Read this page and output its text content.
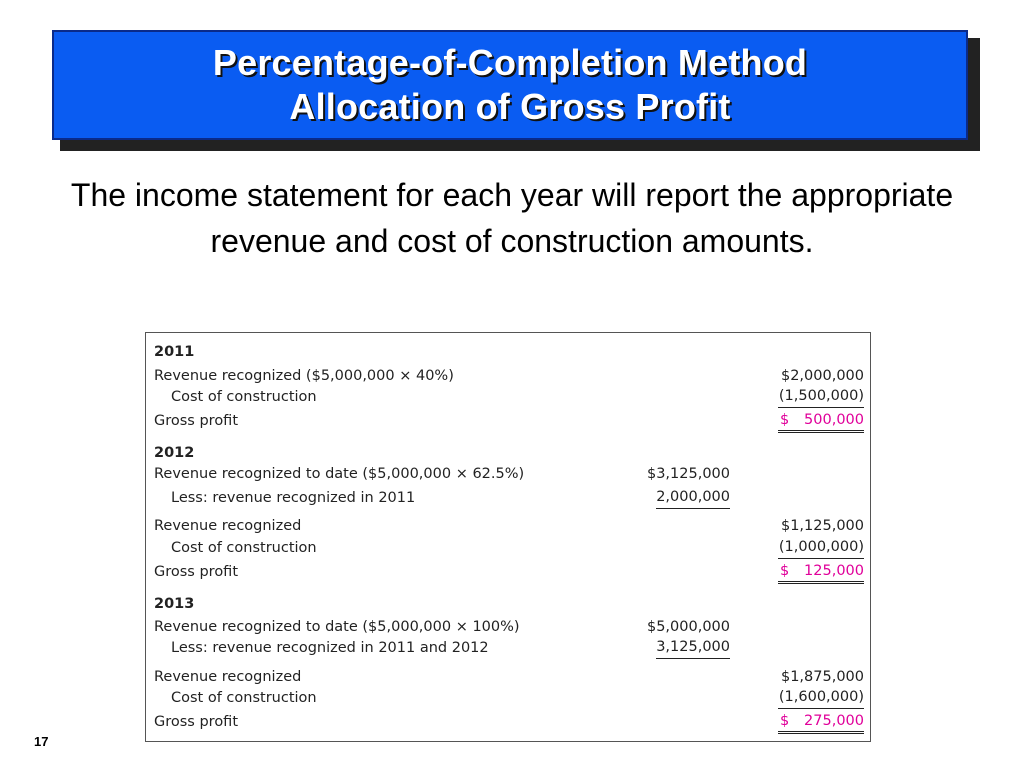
Percentage-of-Completion Method
Allocation of Gross Profit
The income statement for each year will report the appropriate revenue and cost of construction amounts.
2011
Revenue recognized ($5,000,000 × 40%)	$2,000,000
Cost of construction	(1,500,000)
Gross profit	$ 500,000
2012
Revenue recognized to date ($5,000,000 × 62.5%)	$3,125,000
Less: revenue recognized in 2011	2,000,000
Revenue recognized	$1,125,000
Cost of construction	(1,000,000)
Gross profit	$ 125,000
2013
Revenue recognized to date ($5,000,000 × 100%)	$5,000,000
Less: revenue recognized in 2011 and 2012	3,125,000
Revenue recognized	$1,875,000
Cost of construction	(1,600,000)
Gross profit	$ 275,000
17
